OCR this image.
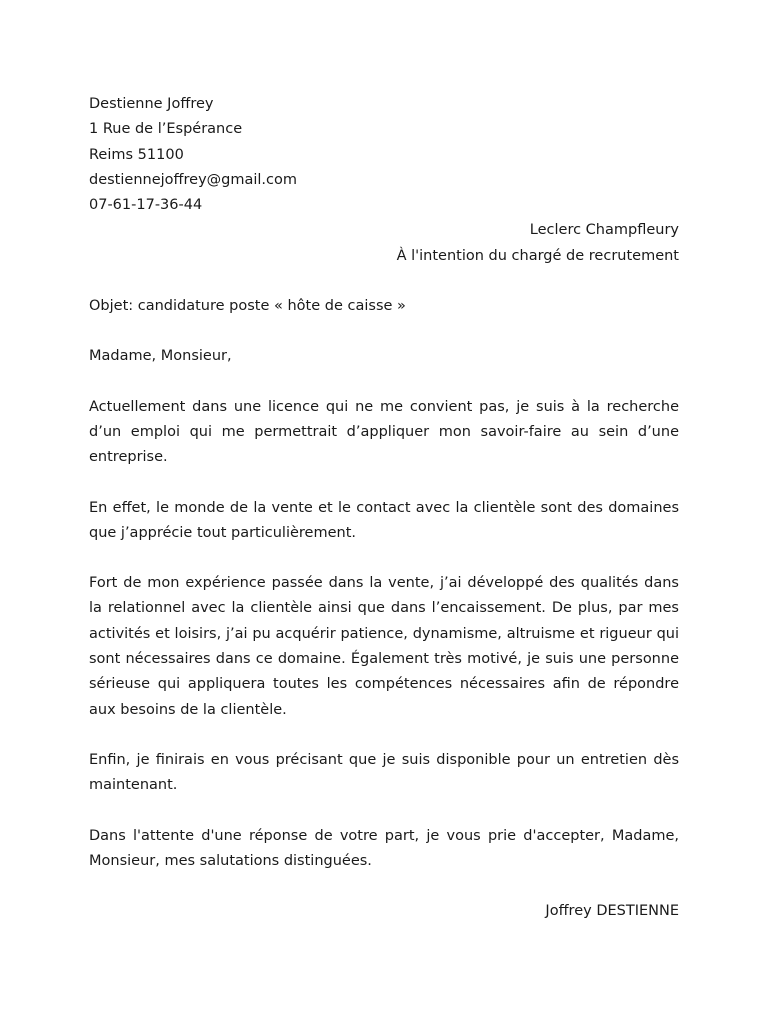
Destienne Joffrey
1 Rue de l’Espérance
Reims 51100
destiennejoffrey@gmail.com
07-61-17-36-44
Leclerc Champfleury
À l'intention du chargé de recrutement
Objet: candidature poste « hôte de caisse »
Madame, Monsieur,

Actuellement dans une licence qui ne me convient pas, je suis à la recherche d’un emploi qui me permettrait d’appliquer mon savoir-faire au sein d’une entreprise.

En effet, le monde de la vente et le contact avec la clientèle sont des domaines que j’apprécie tout particulièrement.

Fort de mon expérience passée dans la vente, j’ai développé des qualités dans la relationnel avec la clientèle ainsi que dans l’encaissement. De plus, par mes activités et loisirs, j’ai pu acquérir patience, dynamisme, altruisme et rigueur qui sont nécessaires dans ce domaine. Également très motivé, je suis une personne sérieuse qui appliquera toutes les compétences nécessaires afin de répondre aux besoins de la clientèle.

Enfin, je finirais en vous précisant que je suis disponible pour un entretien dès maintenant.

Dans l'attente d'une réponse de votre part, je vous prie d'accepter, Madame, Monsieur, mes salutations distinguées.

Joffrey DESTIENNE
